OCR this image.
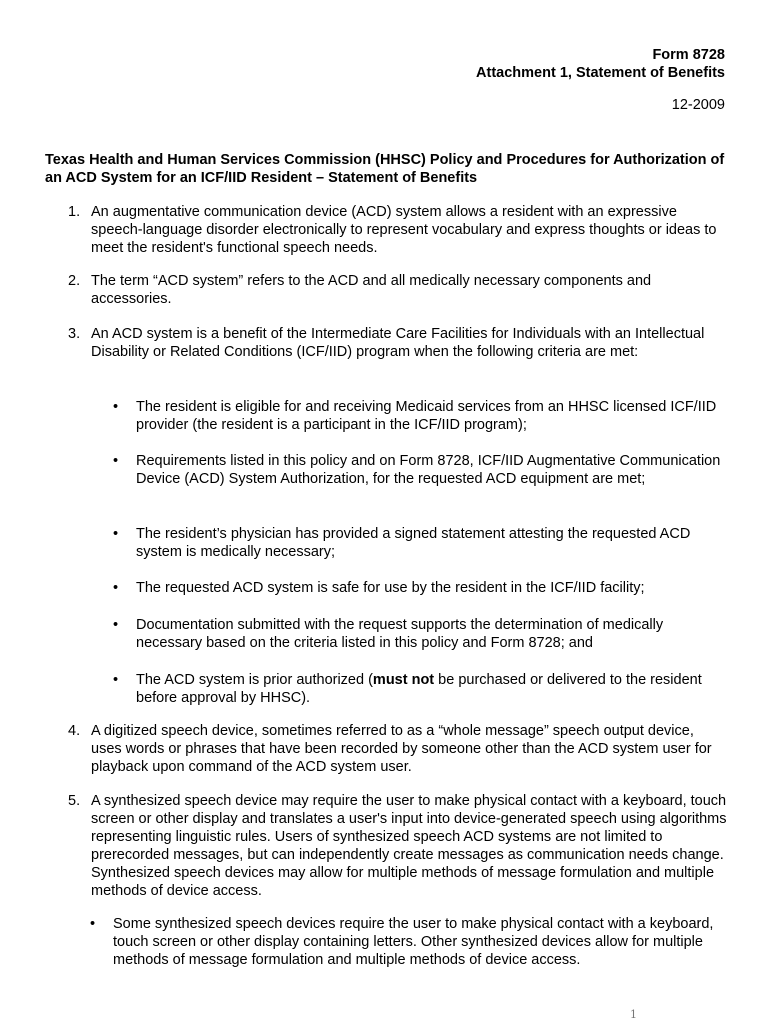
Form 8728
Attachment 1, Statement of Benefits
12-2009
Texas Health and Human Services Commission (HHSC) Policy and Procedures for Authorization of an ACD System for an ICF/IID Resident – Statement of Benefits
1. An augmentative communication device (ACD) system allows a resident with an expressive speech-language disorder electronically to represent vocabulary and express thoughts or ideas to meet the resident's functional speech needs.
2. The term “ACD system” refers to the ACD and all medically necessary components and accessories.
3. An ACD system is a benefit of the Intermediate Care Facilities for Individuals with an Intellectual Disability or Related Conditions (ICF/IID) program when the following criteria are met:
• The resident is eligible for and receiving Medicaid services from an HHSC licensed ICF/IID provider (the resident is a participant in the ICF/IID program);
• Requirements listed in this policy and on Form 8728, ICF/IID Augmentative Communication Device (ACD) System Authorization, for the requested ACD equipment are met;
• The resident’s physician has provided a signed statement attesting the requested ACD system is medically necessary;
• The requested ACD system is safe for use by the resident in the ICF/IID facility;
• Documentation submitted with the request supports the determination of medically necessary based on the criteria listed in this policy and Form 8728; and
• The ACD system is prior authorized (must not be purchased or delivered to the resident before approval by HHSC).
4. A digitized speech device, sometimes referred to as a “whole message” speech output device, uses words or phrases that have been recorded by someone other than the ACD system user for playback upon command of the ACD system user.
5. A synthesized speech device may require the user to make physical contact with a keyboard, touch screen or other display and translates a user's input into device-generated speech using algorithms representing linguistic rules. Users of synthesized speech ACD systems are not limited to prerecorded messages, but can independently create messages as communication needs change. Synthesized speech devices may allow for multiple methods of message formulation and multiple methods of device access.
• Some synthesized speech devices require the user to make physical contact with a keyboard, touch screen or other display containing letters. Other synthesized devices allow for multiple methods of message formulation and multiple methods of device access.
1
